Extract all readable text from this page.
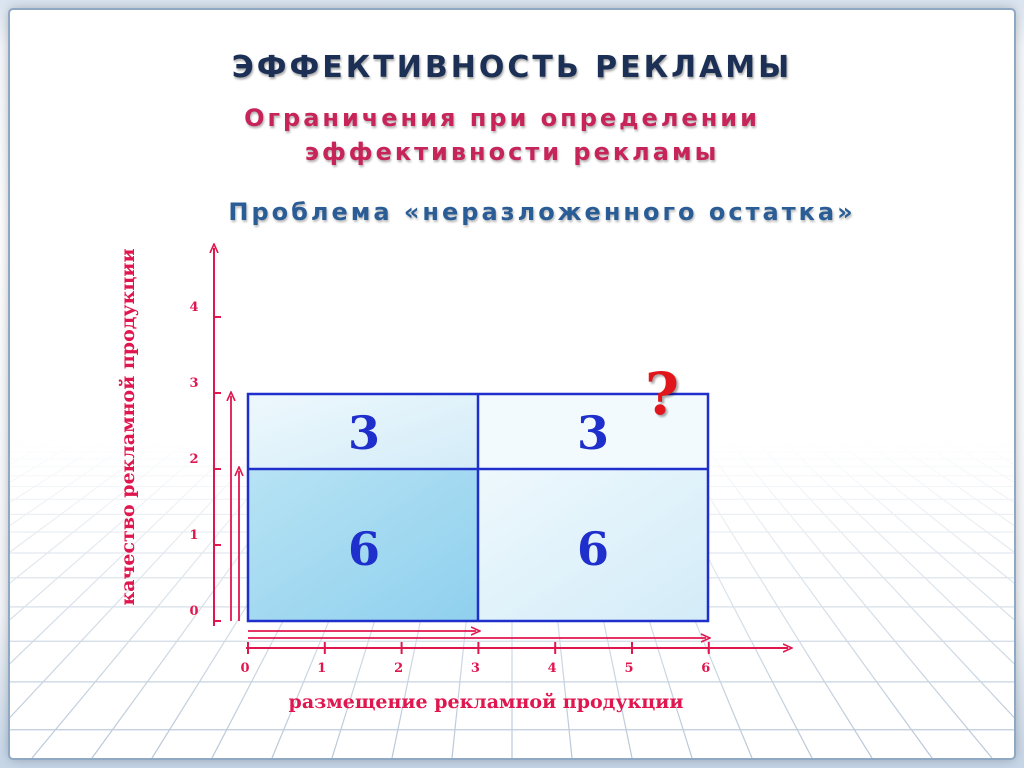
ЭФФЕКТИВНОСТЬ РЕКЛАМЫ
Ограничения при определении
эффективности рекламы
Проблема «неразложенного остатка»
3	3
6	6
?
0
1
2
3
4
0	1	2	3	4	5	6
качество рекламной продукции
размещение рекламной продукции
